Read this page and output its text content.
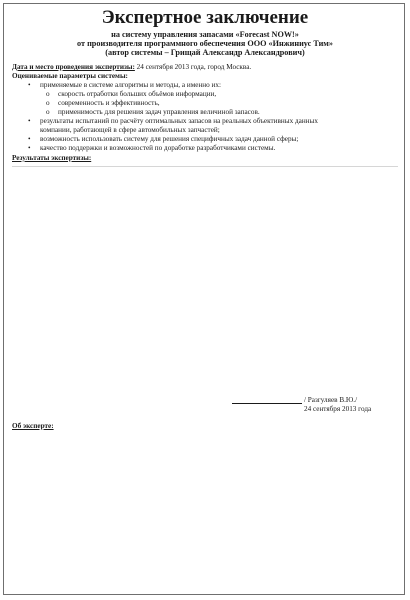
Экспертное заключение
на систему управления запасами «Forecast NOW!»
от производителя программного обеспечения ООО «Инжиниус Тим»
(автор системы – Грищай Александр Александрович)
Дата и место проведения экспертизы: 24 сентября 2013 года, город Москва.
Оцениваемые параметры системы:
• применяемые в системе алгоритмы и методы, а именно их:
o скорость отработки больших объёмов информации,
o современность и эффективность,
o применимость для решения задач управления величиной запасов.
• результаты испытаний по расчёту оптимальных запасов на реальных объективных данных
компании, работающей в сфере автомобильных запчастей;
• возможность использовать систему для решения специфичных задач данной сферы;
• качество поддержки и возможностей по доработке разработчиками системы.
Результаты экспертизы:
/ Разгуляев В.Ю./
24 сентября 2013 года
Об эксперте:
